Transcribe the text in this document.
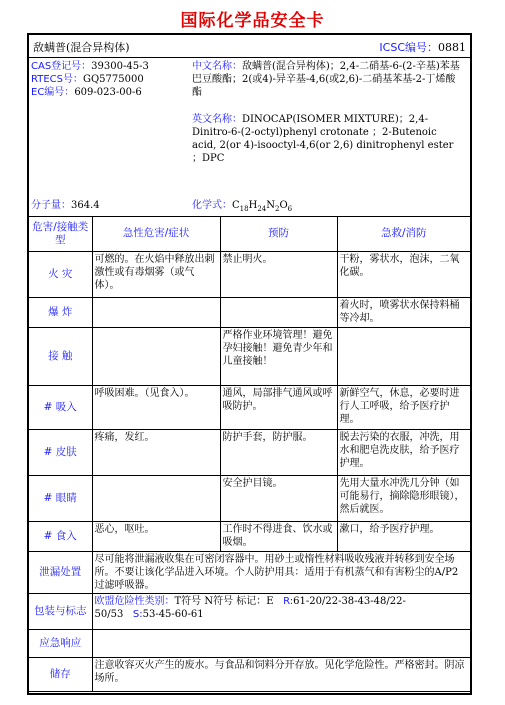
国际化学品安全卡
敌螨普(混合异构体)	ICSC编号：0881
CAS登记号：39300-45-3
RTECS号：GQ5775000
EC编号：609-023-00-6
中文名称：敌螨普(混合异构体)；2,4-二硝基-6-(2-辛基)苯基巴豆酸酯；2(或4)-异辛基-4,6(或2,6)-二硝基苯基-2-丁烯酸酯
英文名称：DINOCAP(ISOMER MIXTURE)；2,4-Dinitro-6-(2-octyl)phenyl crotonate ；2-Butenoic acid, 2(or 4)-isooctyl-4,6(or 2,6) dinitrophenyl ester ；DPC
分子量：364.4	化学式：$C_{18}H_{24}N_2O_6$
危害/接触类型	急性危害/症状	预防	急救/消防
火 灾	可燃的。在火焰中释放出刺激性或有毒烟雾（或气体）。	禁止明火。	干粉，雾状水，泡沫，二氧化碳。
爆 炸			着火时，喷雾状水保持料桶等冷却。
接 触		严格作业环境管理！避免孕妇接触！避免青少年和儿童接触！	
# 吸入	呼吸困难。（见食入）。	通风，局部排气通风或呼吸防护。	新鲜空气，休息，必要时进行人工呼吸，给予医疗护理。
# 皮肤	疼痛，发红。	防护手套，防护服。	脱去污染的衣服，冲洗，用水和肥皂洗皮肤，给予医疗护理。
# 眼睛		安全护目镜。	先用大量水冲洗几分钟（如可能易行，摘除隐形眼镜），然后就医。
# 食入	恶心，呕吐。	工作时不得进食、饮水或吸烟。	漱口，给予医疗护理。
泄漏处置	尽可能将泄漏液收集在可密闭容器中。用砂土或惰性材料吸收残液并转移到安全场所。不要让该化学品进入环境。个人防护用具：适用于有机蒸气和有害粉尘的A/P2过滤呼吸器。		
包装与标志	欧盟危险性类别：T符号 N符号 标记：E R:61-20/22-38-43-48/22-50/53 S:53-45-60-61		
应急响应			
储存	注意收容灭火产生的废水。与食品和饲料分开存放。见化学危险性。严格密封。阴凉场所。		
